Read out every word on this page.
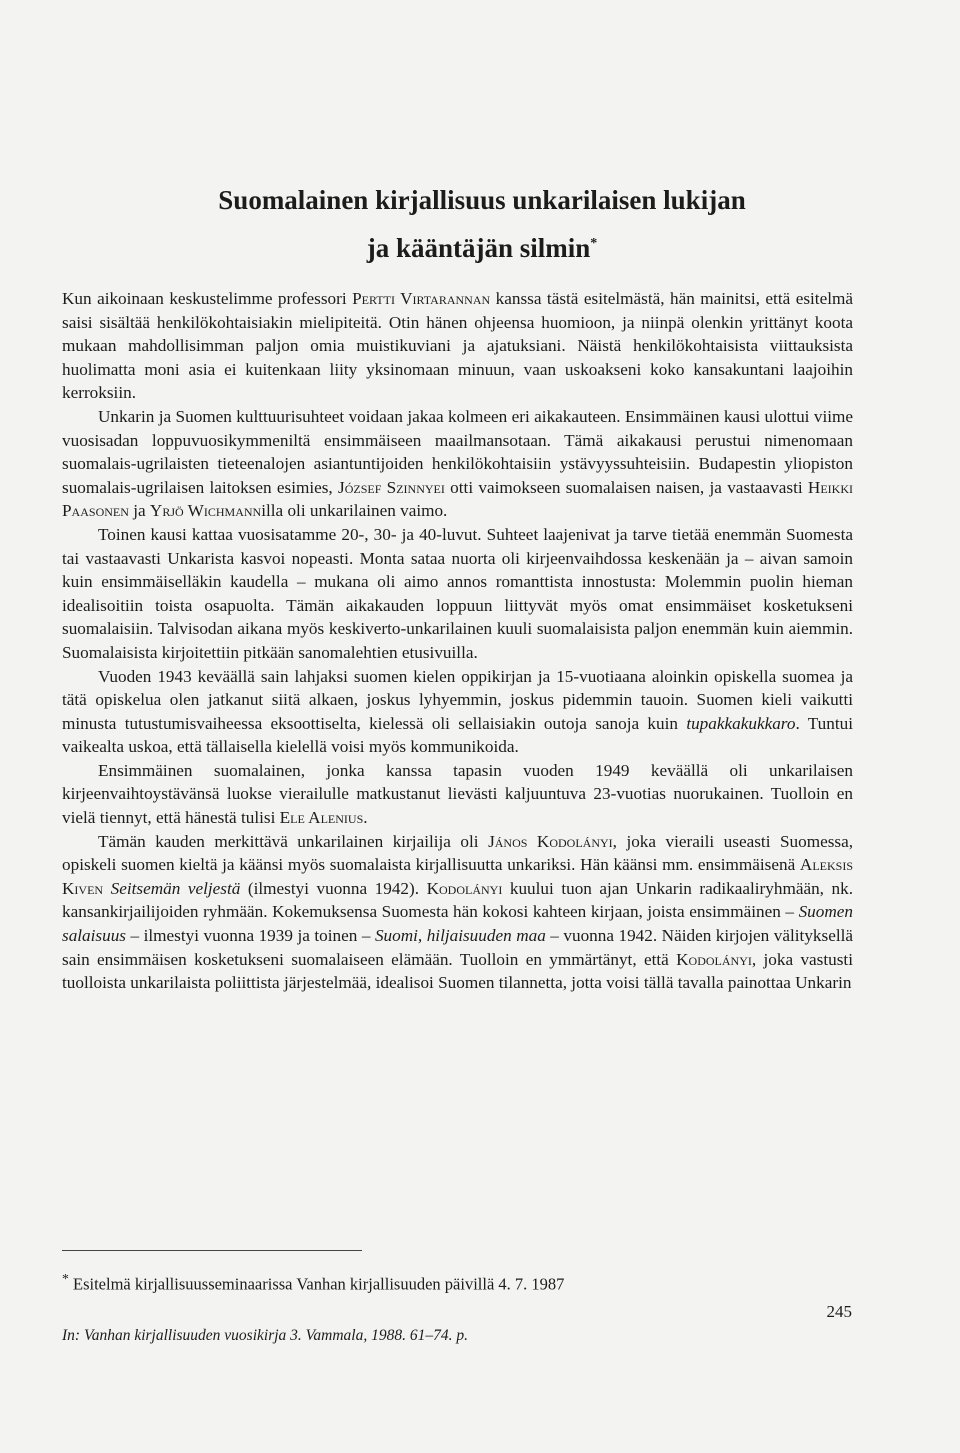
Suomalainen kirjallisuus unkarilaisen lukijan
ja kääntäjän silmin*

Kun aikoinaan keskustelimme professori Pertti Virtarannan kanssa tästä esitelmästä, hän mainitsi, että esitelmä saisi sisältää henkilökohtaisiakin mielipiteitä. Otin hänen ohjeensa huomioon, ja niinpä olenkin yrittänyt koota mukaan mahdollisimman paljon omia muistikuviani ja ajatuksiani. Näistä henkilökohtaisista viittauksista huolimatta moni asia ei kuitenkaan liity yksinomaan minuun, vaan uskoakseni koko kansakuntani laajoihin kerroksiin.

Unkarin ja Suomen kulttuurisuhteet voidaan jakaa kolmeen eri aikakauteen. Ensimmäinen kausi ulottui viime vuosisadan loppuvuosikymmeniltä ensimmäiseen maailmansotaan. Tämä aikakausi perustui nimenomaan suomalais-ugrilaisten tieteenalojen asiantuntijoiden henkilökohtaisiin ystävyyssuhteisiin. Budapestin yliopiston suomalais-ugrilaisen laitoksen esimies, József Szinnyei otti vaimokseen suomalaisen naisen, ja vastaavasti Heikki Paasonen ja Yrjö Wichmannilla oli unkarilainen vaimo.

Toinen kausi kattaa vuosisatamme 20-, 30- ja 40-luvut. Suhteet laajenivat ja tarve tietää enemmän Suomesta tai vastaavasti Unkarista kasvoi nopeasti. Monta sataa nuorta oli kirjeenvaihdossa keskenään ja – aivan samoin kuin ensimmäiselläkin kaudella – mukana oli aimo annos romanttista innostusta: Molemmin puolin hieman idealisoitiin toista osapuolta. Tämän aikakauden loppuun liittyvät myös omat ensimmäiset kosketukseni suomalaisiin. Talvisodan aikana myös keskiverto-unkarilainen kuuli suomalaisista paljon enemmän kuin aiemmin. Suomalaisista kirjoitettiin pitkään sanomalehtien etusivuilla.

Vuoden 1943 keväällä sain lahjaksi suomen kielen oppikirjan ja 15-vuotiaana aloinkin opiskella suomea ja tätä opiskelua olen jatkanut siitä alkaen, joskus lyhyemmin, joskus pidemmin tauoin. Suomen kieli vaikutti minusta tutustumisvaiheessa eksoottiselta, kielessä oli sellaisiakin outoja sanoja kuin tupakkakukkaro. Tuntui vaikealta uskoa, että tällaisella kielellä voisi myös kommunikoida.

Ensimmäinen suomalainen, jonka kanssa tapasin vuoden 1949 keväällä oli unkarilaisen kirjeenvaihtoystävänsä luokse vierailulle matkustanut lievästi kaljuuntuva 23-vuotias nuorukainen. Tuolloin en vielä tiennyt, että hänestä tulisi Ele Alenius.

Tämän kauden merkittävä unkarilainen kirjailija oli János Kodolányi, joka vieraili useasti Suomessa, opiskeli suomen kieltä ja käänsi myös suomalaista kirjallisuutta unkariksi. Hän käänsi mm. ensimmäisenä Aleksis Kiven Seitsemän veljestä (ilmestyi vuonna 1942). Kodolányi kuului tuon ajan Unkarin radikaaliryhmään, nk. kansankirjailijoiden ryhmään. Kokemuksensa Suomesta hän kokosi kahteen kirjaan, joista ensimmäinen – Suomen salaisuus – ilmestyi vuonna 1939 ja toinen – Suomi, hiljaisuuden maa – vuonna 1942. Näiden kirjojen välityksellä sain ensimmäisen kosketukseni suomalaiseen elämään. Tuolloin en ymmärtänyt, että Kodolányi, joka vastusti tuolloista unkarilaista poliittista järjestelmää, idealisoi Suomen tilannetta, jotta voisi tällä tavalla painottaa Unkarin

* Esitelmä kirjallisuusseminaarissa Vanhan kirjallisuuden päivillä 4. 7. 1987
245
In: Vanhan kirjallisuuden vuosikirja 3. Vammala, 1988. 61–74. p.
